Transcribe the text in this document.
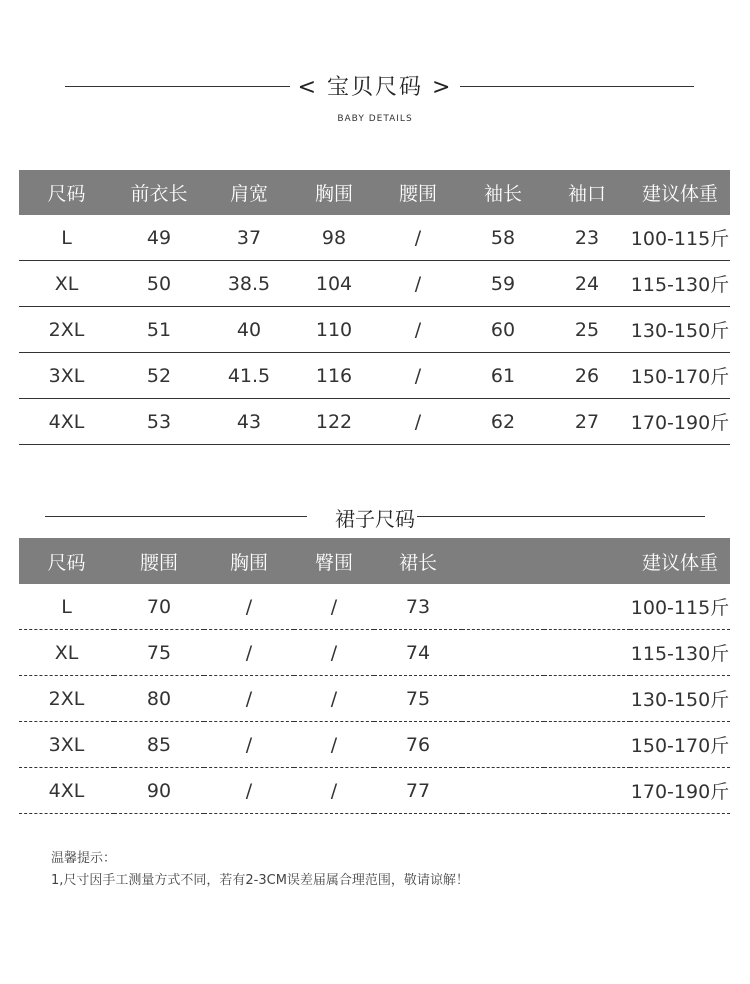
< 宝贝尺码 >
BABY DETAILS
尺码	前衣长	肩宽	胸围	腰围	袖长	袖口	建议体重
L	49	37	98	/	58	23	100-115斤
XL	50	38.5	104	/	59	24	115-130斤
2XL	51	40	110	/	60	25	130-150斤
3XL	52	41.5	116	/	61	26	150-170斤
4XL	53	43	122	/	62	27	170-190斤
裙子尺码
尺码	腰围	胸围	臀围	裙长			建议体重
L	70	/	/	73			100-115斤
XL	75	/	/	74			115-130斤
2XL	80	/	/	75			130-150斤
3XL	85	/	/	76			150-170斤
4XL	90	/	/	77			170-190斤
温馨提示：
1,尺寸因手工测量方式不同，若有2-3CM误差届属合理范围，敬请谅解！
